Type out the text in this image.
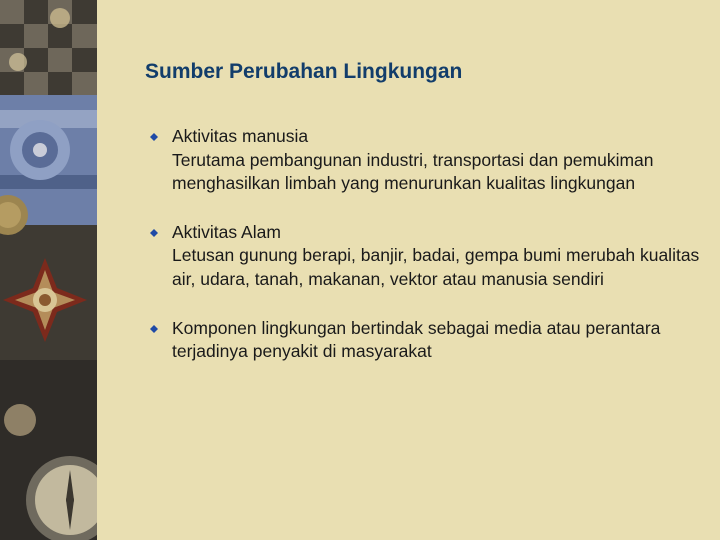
Sumber Perubahan Lingkungan
Aktivitas manusia
Terutama pembangunan industri, transportasi dan pemukiman menghasilkan limbah yang menurunkan kualitas lingkungan
Aktivitas Alam
Letusan gunung berapi, banjir, badai, gempa bumi merubah kualitas air, udara, tanah, makanan, vektor atau manusia sendiri
Komponen lingkungan bertindak sebagai media atau perantara terjadinya penyakit di masyarakat
